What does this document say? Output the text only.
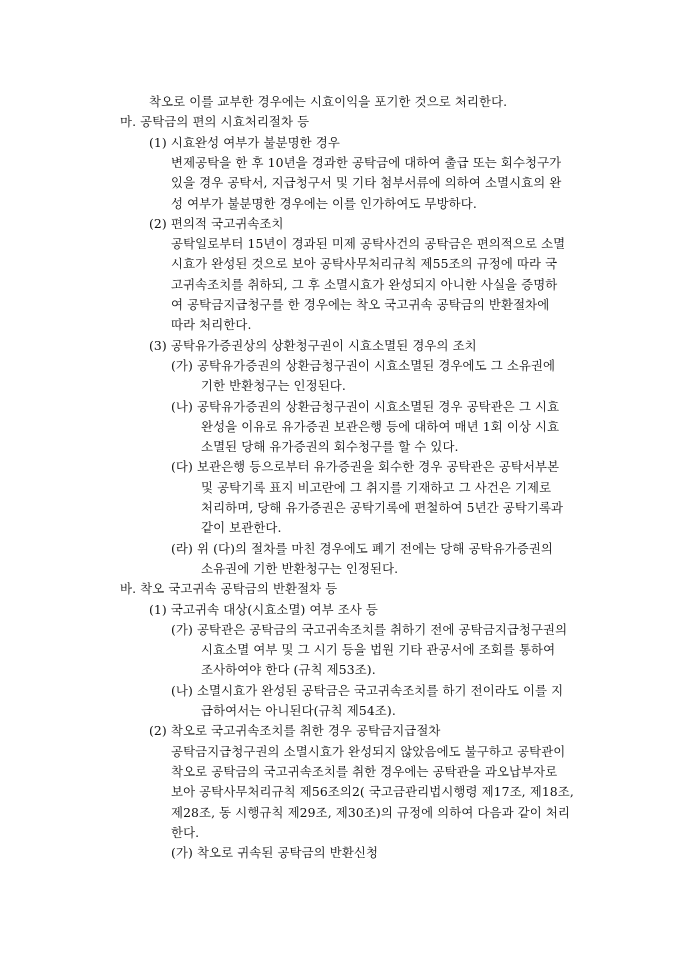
착오로 이를 교부한 경우에는 시효이익을 포기한 것으로 처리한다.
마. 공탁금의 편의 시효처리절차 등
(1) 시효완성 여부가 불분명한 경우
변제공탁을 한 후 10년을 경과한 공탁금에 대하여 출급 또는 회수청구가
있을 경우 공탁서, 지급청구서 및 기타 첨부서류에 의하여 소멸시효의 완
성 여부가 불분명한 경우에는 이를 인가하여도 무방하다.
(2) 편의적 국고귀속조치
공탁일로부터 15년이 경과된 미제 공탁사건의 공탁금은 편의적으로 소멸
시효가 완성된 것으로 보아 공탁사무처리규칙 제55조의 규정에 따라 국
고귀속조치를 취하되, 그 후 소멸시효가 완성되지 아니한 사실을 증명하
여 공탁금지급청구를 한 경우에는 착오 국고귀속 공탁금의 반환절차에
따라 처리한다.
(3) 공탁유가증권상의 상환청구권이 시효소멸된 경우의 조치
(가) 공탁유가증권의 상환금청구권이 시효소멸된 경우에도 그 소유권에
기한 반환청구는 인정된다.
(나) 공탁유가증권의 상환금청구권이 시효소멸된 경우 공탁관은 그 시효
완성을 이유로 유가증권 보관은행 등에 대하여 매년 1회 이상 시효
소멸된 당해 유가증권의 회수청구를 할 수 있다.
(다) 보관은행 등으로부터 유가증권을 회수한 경우 공탁관은 공탁서부본
및 공탁기록 표지 비고란에 그 취지를 기재하고 그 사건은 기제로
처리하며, 당해 유가증권은 공탁기록에 편철하여 5년간 공탁기록과
같이 보관한다.
(라) 위 (다)의 절차를 마친 경우에도 폐기 전에는 당해 공탁유가증권의
소유권에 기한 반환청구는 인정된다.
바. 착오 국고귀속 공탁금의 반환절차 등
(1) 국고귀속 대상(시효소멸) 여부 조사 등
(가) 공탁관은 공탁금의 국고귀속조치를 취하기 전에 공탁금지급청구권의
시효소멸 여부 및 그 시기 등을 법원 기타 관공서에 조회를 통하여
조사하여야 한다 (규칙 제53조).
(나) 소멸시효가 완성된 공탁금은 국고귀속조치를 하기 전이라도 이를 지
급하여서는 아니된다(규칙 제54조).
(2) 착오로 국고귀속조치를 취한 경우 공탁금지급절차
공탁금지급청구권의 소멸시효가 완성되지 않았음에도 불구하고 공탁관이
착오로 공탁금의 국고귀속조치를 취한 경우에는 공탁관을 과오납부자로
보아 공탁사무처리규칙 제56조의2( 국고금관리법시행령 제17조, 제18조,
제28조, 동 시행규칙 제29조, 제30조)의 규정에 의하여 다음과 같이 처리
한다.
(가) 착오로 귀속된 공탁금의 반환신청
